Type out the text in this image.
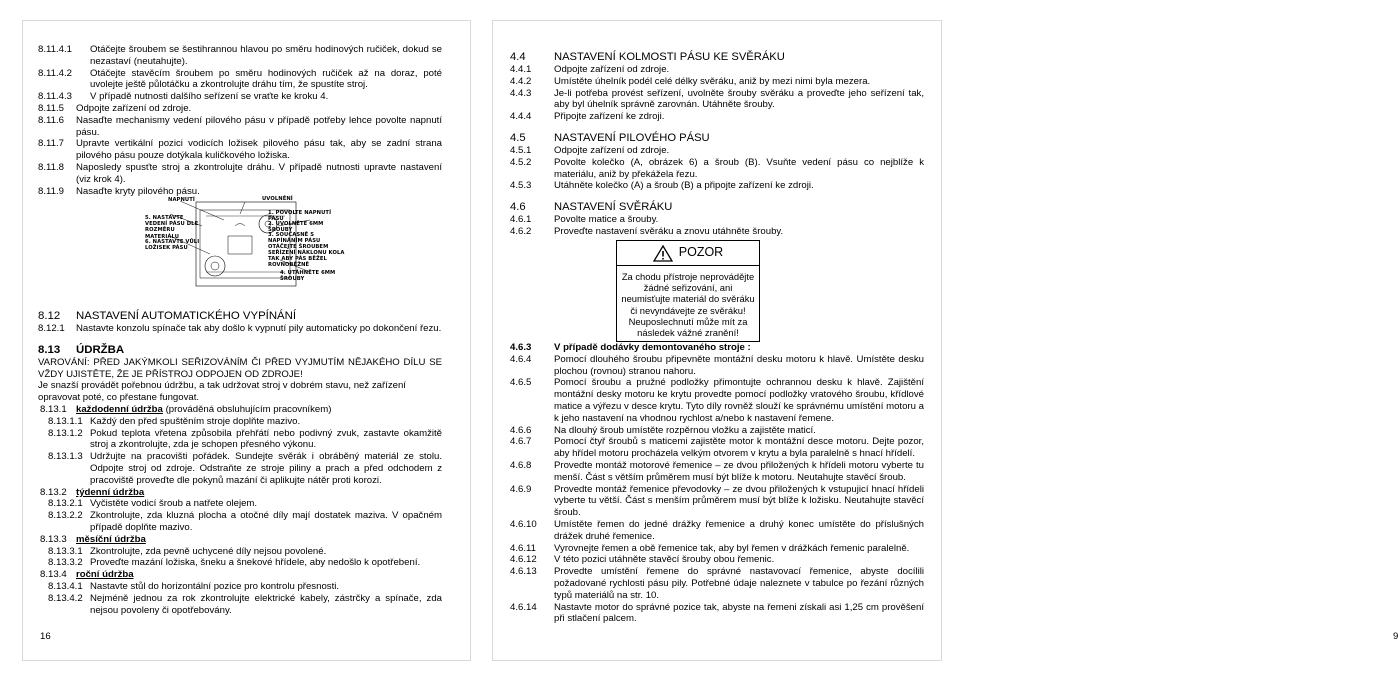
8.11.4.1	Otáčejte šroubem se šestihrannou hlavou po směru hodinových ručiček, dokud se nezastaví (neutahujte).
8.11.4.2	Otáčejte stavěcím šroubem po směru hodinových ručiček až na doraz, poté uvolejte ještě půlotáčku a zkontrolujte dráhu tím, že spustíte stroj.
8.11.4.3	V případě nutnosti dalšího seřízení se vraťte ke kroku 4.
8.11.5	Odpojte zařízení od zdroje.
8.11.6	Nasaďte mechanismy vedení pilového pásu v případě potřeby lehce povolte napnutí pásu.
8.11.7	Upravte vertikální pozici vodicích ložisek pilového pásu tak, aby se zadní strana pilového pásu pouze dotýkala kuličkového ložiska.
8.11.8	Naposledy spusťte stroj a zkontrolujte dráhu. V případě nutnosti upravte nastavení (viz krok 4).
8.11.9	Nasaďte kryty pilového pásu.
NAPNUTÍ	UVOLNĚNÍ
1. POVOLTE NAPNUTÍ PÁSU
2. UVOLNĚTE 6MM ŠROUBY
3. SOUČASNĚ S NAPÍNÁNÍM PÁSU OTÁČEJTE ŠROUBEM SEŘÍZENÍ NÁKLONU KOLA TAK ABY PÁS BĚŽEL ROVNOBĚŽNĚ
4. UTÁHNĚTE 6MM ŠROUBY
5. NASTAVTE VEDENÍ PÁSU DLE ROZMĚRU MATERIÁLU
6. NASTAVTE VŮLI LOŽISEK PÁSU
8.12	NASTAVENÍ AUTOMATICKÉHO VYPÍNÁNÍ
8.12.1	Nastavte konzolu spínače tak aby došlo k vypnutí pily automaticky po dokončení řezu.
8.13	ÚDRŽBA
VAROVÁNÍ: PŘED JAKÝMKOLI SEŘIZOVÁNÍM ČI PŘED VYJMUTÍM NĚJAKÉHO DÍLU SE VŽDY UJISTĚTE, ŽE JE PŘÍSTROJ ODPOJEN OD ZDROJE!
Je snazší provádět pořebnou údržbu, a tak udržovat stroj v dobrém stavu, než zařízení opravovat poté, co přestane fungovat.
8.13.1 každodenní údržba
(prováděná obsluhujícím pracovníkem)
8.13.1.1 Každý den před spuštěním stroje doplňte mazivo.
8.13.1.2 Pokud teplota vřetena způsobila přehřátí nebo podivný zvuk, zastavte okamžitě stroj a zkontrolujte, zda je schopen přesného výkonu.
8.13.1.3 Udržujte na pracovišti pořádek. Sundejte svěrák i obráběný materiál ze stolu. Odpojte stroj od zdroje. Odstraňte ze stroje piliny a prach a před odchodem z pracoviště proveďte dle pokynů mazání či aplikujte nátěr proti korozi.
8.13.2 týdenní údržba
8.13.2.1 Vyčistěte vodicí šroub a natřete olejem.
8.13.2.2 Zkontrolujte, zda kluzná plocha a otočné díly mají dostatek maziva. V opačném případě doplňte mazivo.
8.13.3 měsíční údržba
8.13.3.1 Zkontrolujte, zda pevně uchycené díly nejsou povolené.
8.13.3.2 Proveďte mazání ložiska, šneku a šnekové hřídele, aby nedošlo k opotřebení.
8.13.4 roční údržba
8.13.4.1 Nastavte stůl do horizontální pozice pro kontrolu přesnosti.
8.13.4.2 Nejméně jednou za rok zkontrolujte elektrické kabely, zástrčky a spínače, zda nejsou povoleny či opotřebovány.
16	9
4.4	NASTAVENÍ KOLMOSTI PÁSU KE SVĚRÁKU
4.4.1	Odpojte zařízení od zdroje.
4.4.2	Umístěte úhelník podél celé délky svěráku, aniž by mezi nimi byla mezera.
4.4.3	Je-li potřeba provést seřízení, uvolněte šrouby svěráku a proveďte jeho seřízení tak, aby byl úhelník správně zarovnán. Utáhněte šrouby.
4.4.4	Připojte zařízení ke zdroji.
4.5	NASTAVENÍ PILOVÉHO PÁSU
4.5.1	Odpojte zařízení od zdroje.
4.5.2	Povolte kolečko (A, obrázek 6) a šroub (B). Vsuňte vedení pásu co nejblíže k materiálu, aniž by překážela řezu.
4.5.3	Utáhněte kolečko (A) a šroub (B) a připojte zařízení ke zdroji.
4.6	NASTAVENÍ SVĚRÁKU
4.6.1	Povolte matice a šrouby.
4.6.2	Proveďte nastavení svěráku a znovu utáhněte šrouby.
POZOR
Za chodu přístroje neprovádějte žádné seřizování, ani neumisťujte materiál do svěráku či nevyndávejte ze svěráku! Neuposlechnutí může mít za následek vážné zranění!
4.6.3	V případě dodávky demontovaného stroje :
4.6.4	Pomocí dlouhého šroubu připevněte montážní desku motoru k hlavě. Umístěte desku plochou (rovnou) stranou nahoru.
4.6.5	Pomocí šroubu a pružné podložky přimontujte ochrannou desku k hlavě. Zajištění montážní desky motoru ke krytu provedte pomocí podložky vratového šroubu, křídlové matice a výřezu v desce krytu. Tyto díly rovněž slouží ke správnému umístění motoru a k jeho nastavení na vhodnou rychlost a/nebo k nastavení řemene.
4.6.6	Na dlouhý šroub umístěte rozpěrnou vložku a zajistěte maticí.
4.6.7	Pomocí čtyř šroubů s maticemi zajistěte motor k montážní desce motoru. Dejte pozor, aby hřídel motoru procházela velkým otvorem v krytu a byla paralelně s hnací hřídelí.
4.6.8	Provedte montáž motorové řemenice – ze dvou přiložených k hřídeli motoru vyberte tu menší. Část s větším průměrem musí být blíže k motoru. Neutahujte stavěcí šroub.
4.6.9	Provedte montáž řemenice převodovky – ze dvou přiložených k vstupujicí hnací hřídeli vyberte tu větší. Část s menším průměrem musí být blíže k ložisku. Neutahujte stavěcí šroub.
4.6.10	Umístěte řemen do jedné drážky řemenice a druhý konec umístěte do příslušných drážek druhé řemenice.
4.6.11	Vyrovnejte řemen a obě řemenice tak, aby byl řemen v drážkách řemenic paralelně.
4.6.12	V této pozici utáhněte stavěcí šrouby obou řemenic.
4.6.13	Provedte umístění řemene do správné nastavovací řemenice, abyste docílili požadované rychlosti pásu pily. Potřebné údaje naleznete v tabulce po řezání různých typů materiálů na str. 10.
4.6.14	Nastavte motor do správné pozice tak, abyste na řemeni získali asi 1,25 cm prověšení při stlačení palcem.
